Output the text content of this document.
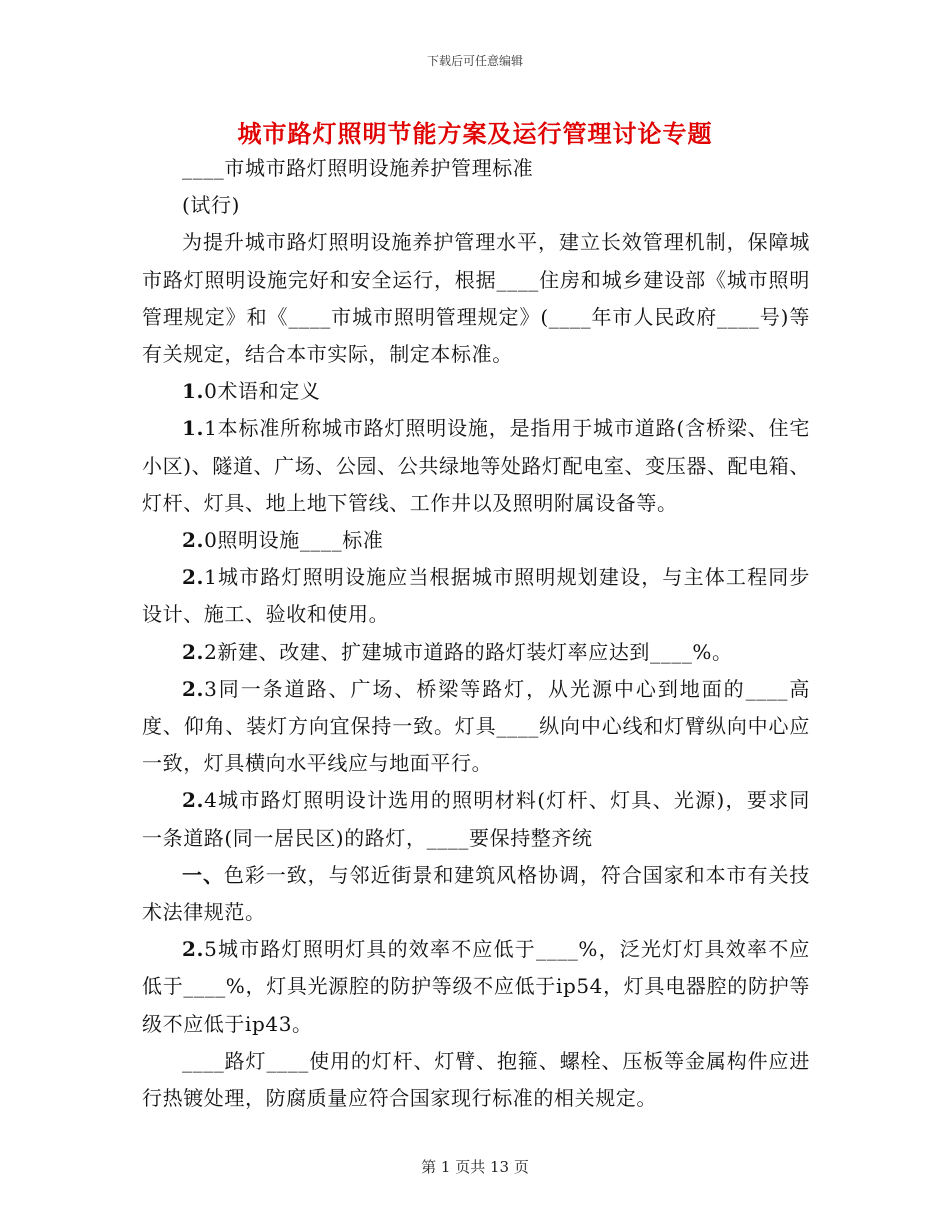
下载后可任意编辑
城市路灯照明节能方案及运行管理讨论专题

____市城市路灯照明设施养护管理标准

(试行)

为提升城市路灯照明设施养护管理水平，建立长效管理机制，保障城市路灯照明设施完好和安全运行，根据____住房和城乡建设部《城市照明管理规定》和《____市城市照明管理规定》(____年市人民政府____号)等有关规定，结合本市实际，制定本标准。

1.0术语和定义

1.1本标准所称城市路灯照明设施，是指用于城市道路(含桥梁、住宅小区)、隧道、广场、公园、公共绿地等处路灯配电室、变压器、配电箱、灯杆、灯具、地上地下管线、工作井以及照明附属设备等。

2.0照明设施____标准

2.1城市路灯照明设施应当根据城市照明规划建设，与主体工程同步设计、施工、验收和使用。

2.2新建、改建、扩建城市道路的路灯装灯率应达到____%。

2.3同一条道路、广场、桥梁等路灯，从光源中心到地面的____高度、仰角、装灯方向宜保持一致。灯具____纵向中心线和灯臂纵向中心应一致，灯具横向水平线应与地面平行。

2.4城市路灯照明设计选用的照明材料(灯杆、灯具、光源)，要求同一条道路(同一居民区)的路灯，____要保持整齐统

一、色彩一致，与邻近街景和建筑风格协调，符合国家和本市有关技术法律规范。

2.5城市路灯照明灯具的效率不应低于____%，泛光灯灯具效率不应低于____%，灯具光源腔的防护等级不应低于ip54，灯具电器腔的防护等级不应低于ip43。

____路灯____使用的灯杆、灯臂、抱箍、螺栓、压板等金属构件应进行热镀处理，防腐质量应符合国家现行标准的相关规定。

第 1 页共 13 页
